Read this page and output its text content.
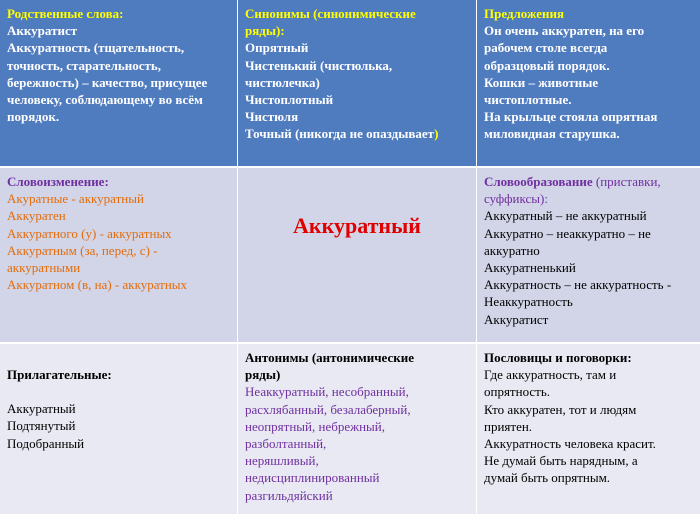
Родственные слова:
Аккуратист
Аккуратность (тщательность,
точность, старательность,
бережность) – качество, присущее
человеку, соблюдающему во всём
порядок.
Синонимы (синонимические
ряды):
Опрятный
Чистенький (чистюлька,
чистюлечка)
Чистоплотный
Чистюля
Точный (никогда не опаздывает)
Предложения
Он очень аккуратен, на его
рабочем столе всегда
образцовый порядок.
Кошки – животные
чистоплотные.
На крыльце стояла опрятная
миловидная старушка.
Словоизменение:
Акуратные - аккуратный
Аккуратен
Аккуратного (у) - аккуратных
Аккуратным (за, перед, с) -
аккуратными
Аккуратном (в, на) - аккуратных
Аккуратный
Словообразование (приставки,
суффиксы):
Аккуратный – не аккуратный
Аккуратно – неаккуратно – не
аккуратно
Аккуратненький
Аккуратность – не аккуратность -
Неаккуратность
Аккуратист
Прилагательные:
Аккуратный
Подтянутый
Подобранный
Антонимы (антонимические
ряды)
Неаккуратный, несобранный,
расхлябанный, безалаберный,
неопрятный, небрежный,
разболтанный,
неряшливый,
недисциплинированный
разгильдяйский
Пословицы и поговорки:
Где аккуратность, там и
опрятность.
Кто аккуратен, тот и людям
приятен.
Аккуратность человека красит.
Не думай быть нарядным, а
думай быть опрятным.
